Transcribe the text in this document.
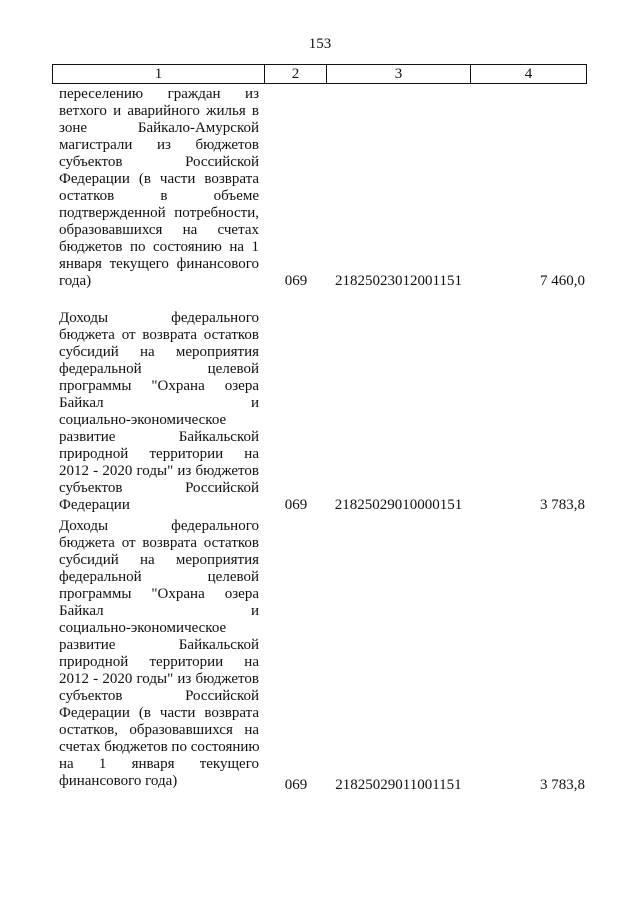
153
1	2	3	4
переселению граждан из
ветхого и аварийного жилья в
зоне Байкало-Амурской
магистрали из бюджетов
субъектов Российской
Федерации (в части возврата
остатков в объеме
подтвержденной потребности,
образовавшихся на счетах
бюджетов по состоянию на 1
января текущего финансового
года)	069 21825023012001151	7 460,0
Доходы федерального
бюджета от возврата остатков
субсидий на мероприятия
федеральной целевой
программы "Охрана озера
Байкал и
социально-экономическое
развитие Байкальской
природной территории на
2012 - 2020 годы" из бюджетов
субъектов Российской
Федерации	069 21825029010000151	3 783,8
Доходы федерального
бюджета от возврата остатков
субсидий на мероприятия
федеральной целевой
программы "Охрана озера
Байкал и
социально-экономическое
развитие Байкальской
природной территории на
2012 - 2020 годы" из бюджетов
субъектов Российской
Федерации (в части возврата
остатков, образовавшихся на
счетах бюджетов по состоянию
на 1 января текущего
финансового года)	069 21825029011001151	3 783,8
